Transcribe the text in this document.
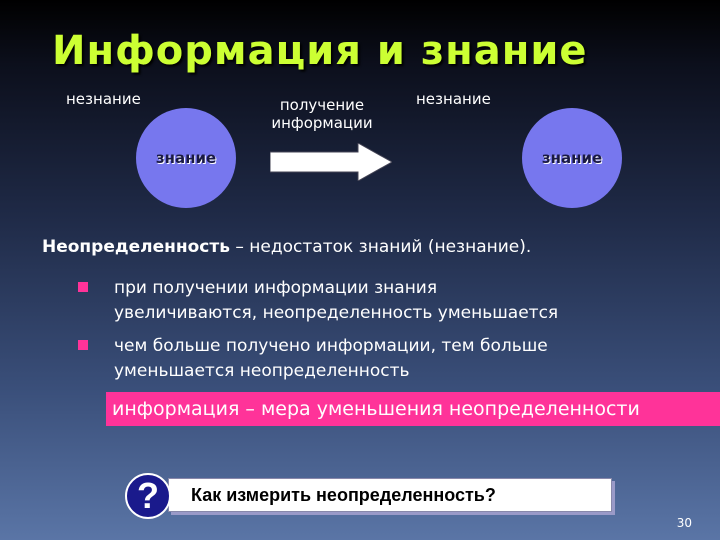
Информация и знание
незнание
знание
получение
информации
незнание
знание
Неопределенность – недостаток знаний (незнание).
при получении информации знания
увеличиваются, неопределенность уменьшается
чем больше получено информации, тем больше
уменьшается неопределенность
информация – мера уменьшения неопределенности
Как измерить неопределенность?
?
30
